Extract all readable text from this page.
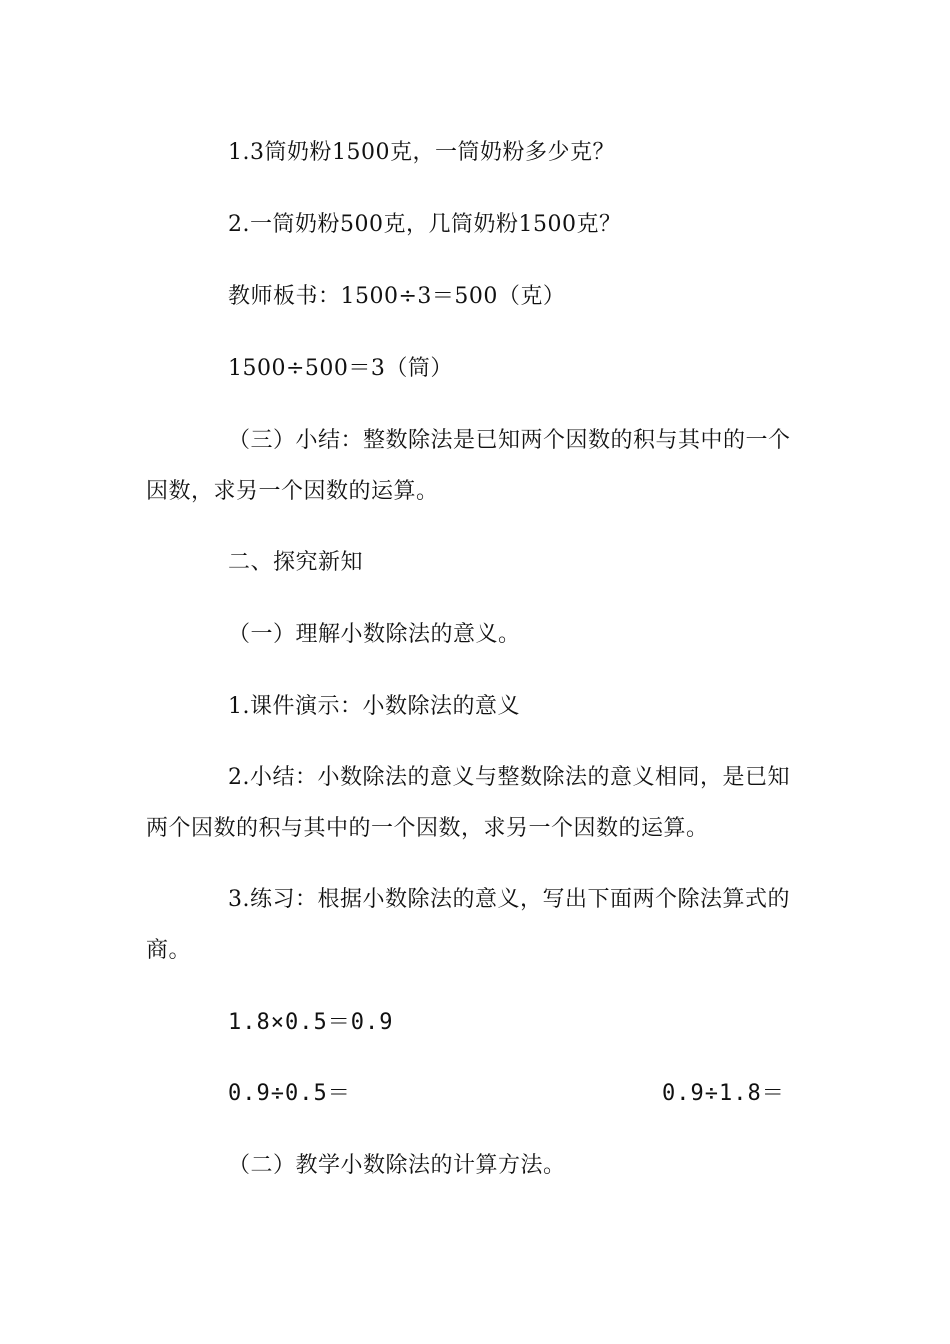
1.3筒奶粉1500克，一筒奶粉多少克？
2.一筒奶粉500克，几筒奶粉1500克？
教师板书：1500÷3＝500（克）
1500÷500＝3（筒）
（三）小结：整数除法是已知两个因数的积与其中的一个
因数，求另一个因数的运算。
二、探究新知
（一）理解小数除法的意义。
1.课件演示：小数除法的意义
2.小结：小数除法的意义与整数除法的意义相同，是已知
两个因数的积与其中的一个因数，求另一个因数的运算。
3.练习：根据小数除法的意义，写出下面两个除法算式的
商。
1.8×0.5＝0.9
0.9÷0.5＝	0.9÷1.8＝
（二）教学小数除法的计算方法。
